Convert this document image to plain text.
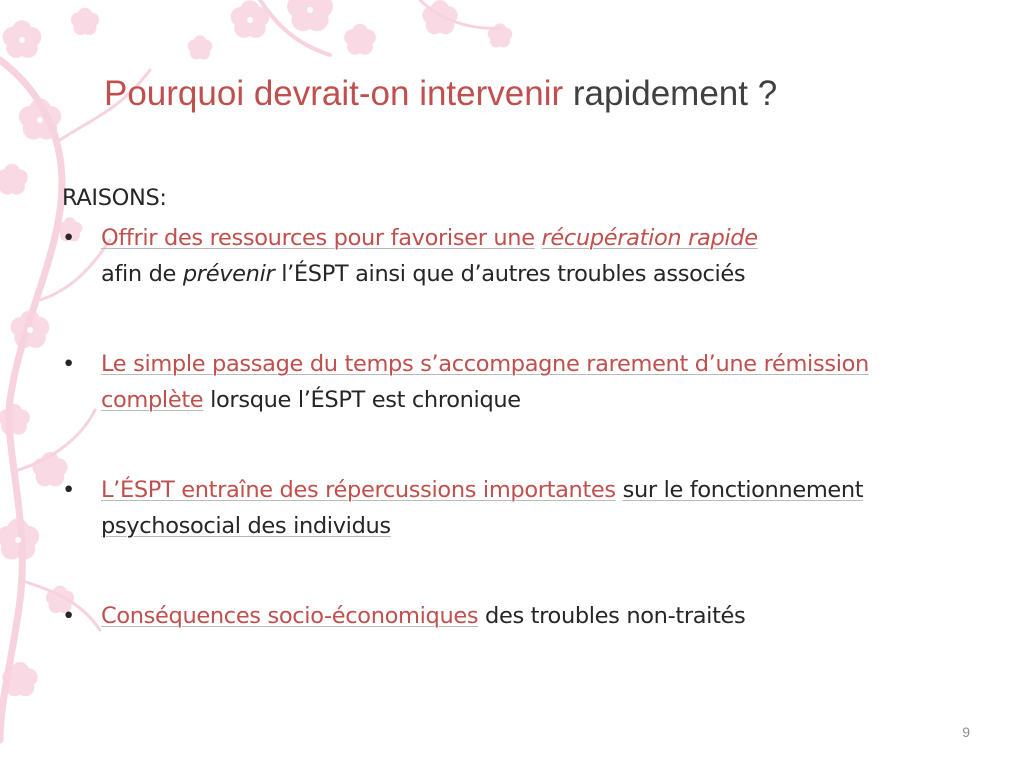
Pourquoi devrait-on intervenir rapidement ?
RAISONS:
•	Offrir des ressources pour favoriser une récupération rapide
afin de prévenir l’ÉSPT ainsi que d’autres troubles associés
•	Le simple passage du temps s’accompagne rarement d’une rémission complète lorsque l’ÉSPT est chronique
•	L’ÉSPT entraîne des répercussions importantes sur le fonctionnement psychosocial des individus
•	Conséquences socio-économiques des troubles non-traités
9
